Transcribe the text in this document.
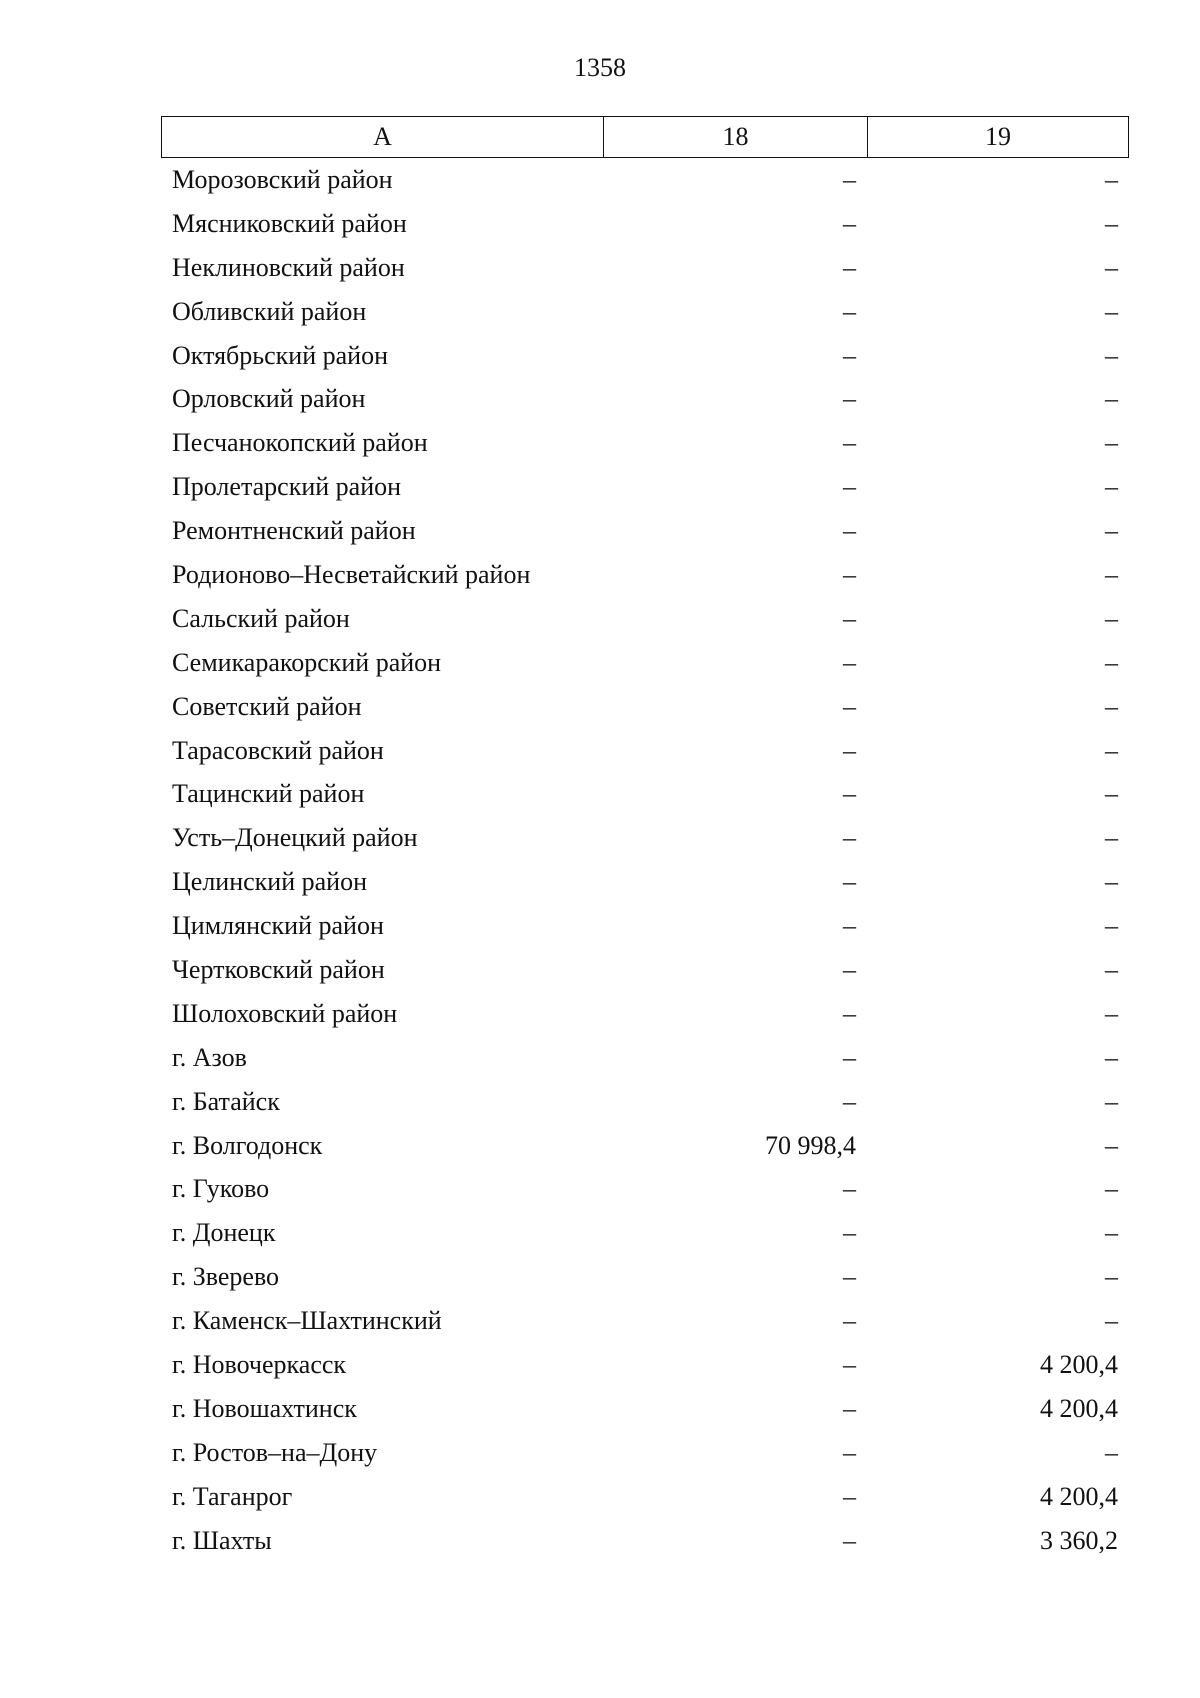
1358
А	18	19
Морозовский район	–	–
Мясниковский район	–	–
Неклиновский район	–	–
Обливский район	–	–
Октябрьский район	–	–
Орловский район	–	–
Песчанокопский район	–	–
Пролетарский район	–	–
Ремонтненский район	–	–
Родионово–Несветайский район	–	–
Сальский район	–	–
Семикаракорский район	–	–
Советский район	–	–
Тарасовский район	–	–
Тацинский район	–	–
Усть–Донецкий район	–	–
Целинский район	–	–
Цимлянский район	–	–
Чертковский район	–	–
Шолоховский район	–	–
г. Азов	–	–
г. Батайск	–	–
г. Волгодонск	70 998,4	–
г. Гуково	–	–
г. Донецк	–	–
г. Зверево	–	–
г. Каменск–Шахтинский	–	–
г. Новочеркасск	–	4 200,4
г. Новошахтинск	–	4 200,4
г. Ростов–на–Дону	–	–
г. Таганрог	–	4 200,4
г. Шахты	–	3 360,2
